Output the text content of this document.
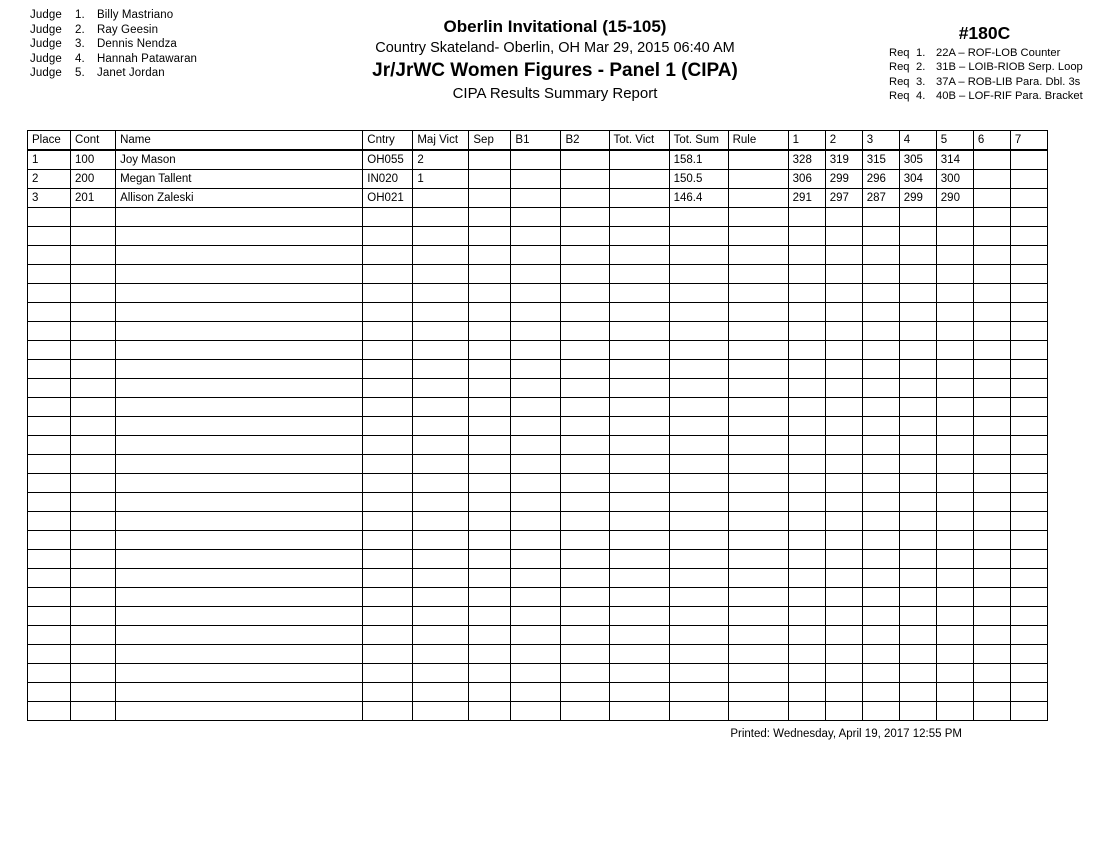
Judge 1. Billy Mastriano
Judge 2. Ray Geesin
Judge 3. Dennis Nendza
Judge 4. Hannah Patawaran
Judge 5. Janet Jordan
Oberlin Invitational (15-105)
Country Skateland- Oberlin, OH Mar 29, 2015 06:40 AM
Jr/JrWC Women Figures - Panel 1 (CIPA)
CIPA Results Summary Report
#180C
Req 1. 22A – ROF-LOB Counter
Req 2. 31B – LOIB-RIOB Serp. Loop
Req 3. 37A – ROB-LIB Para. Dbl. 3s
Req 4. 40B – LOF-RIF Para. Bracket
Place	Cont	Name	Cntry	Maj Vict	Sep	B1	B2	Tot. Vict	Tot. Sum	Rule	1	2	3	4	5	6	7
1	100	Joy Mason	OH055	2					158.1		328	319	315	305	314		
2	200	Megan Tallent	IN020	1					150.5		306	299	296	304	300		
3	201	Allison Zaleski	OH021						146.4		291	297	287	299	290		

Printed: Wednesday, April 19, 2017 12:55 PM
